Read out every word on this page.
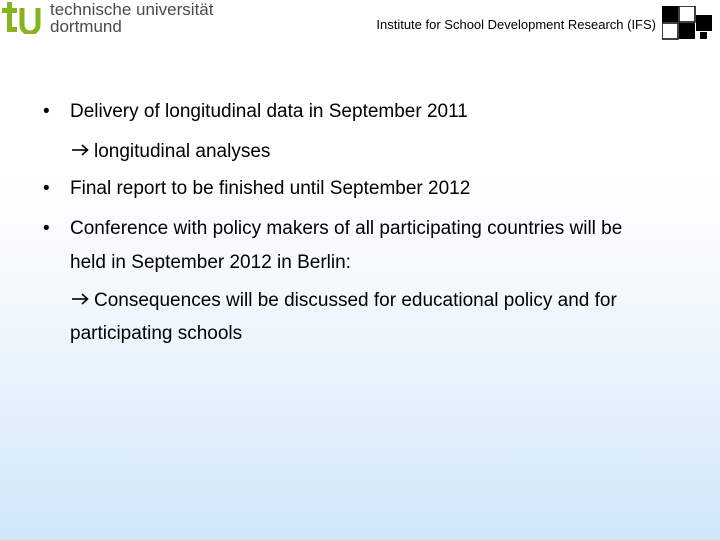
technische universität
dortmund	Institute for School Development Research (IFS)
• Delivery of longitudinal data in September 2011
longitudinal analyses
• Final report to be finished until September 2012
• Conference with policy makers of all participating countries will be
held in September 2012 in Berlin:
Consequences will be discussed for educational policy and for
participating schools
